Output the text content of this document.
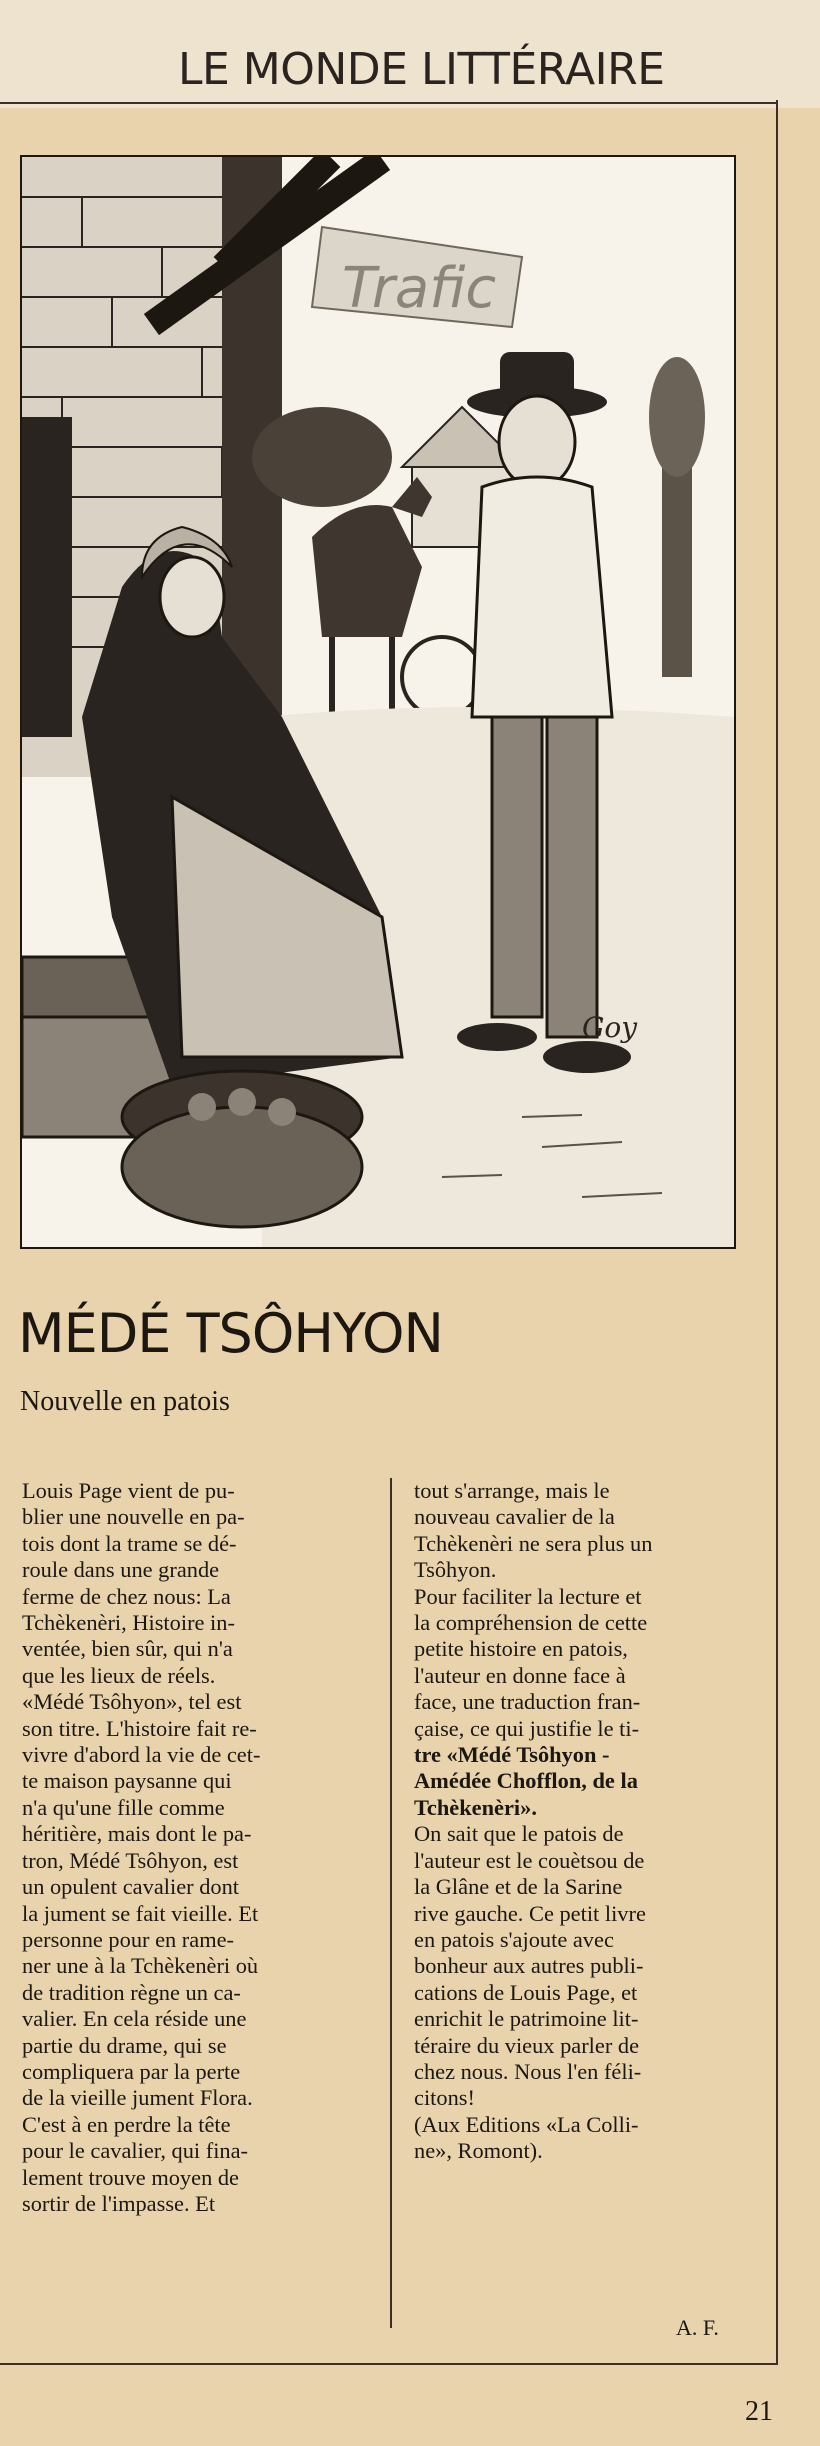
LE MONDE LITTÉRAIRE
Trafic
Goy
MÉDÉ TSÔHYON
Nouvelle en patois
Louis Page vient de pu-
blier une nouvelle en pa-
tois dont la trame se dé-
roule dans une grande
ferme de chez nous: La
Tchèkenèri, Histoire in-
ventée, bien sûr, qui n'a
que les lieux de réels.
«Médé Tsôhyon», tel est
son titre. L'histoire fait re-
vivre d'abord la vie de cet-
te maison paysanne qui
n'a qu'une fille comme
héritière, mais dont le pa-
tron, Médé Tsôhyon, est
un opulent cavalier dont
la jument se fait vieille. Et
personne pour en rame-
ner une à la Tchèkenèri où
de tradition règne un ca-
valier. En cela réside une
partie du drame, qui se
compliquera par la perte
de la vieille jument Flora.
C'est à en perdre la tête
pour le cavalier, qui fina-
lement trouve moyen de
sortir de l'impasse. Et
tout s'arrange, mais le
nouveau cavalier de la
Tchèkenèri ne sera plus un
Tsôhyon.
Pour faciliter la lecture et
la compréhension de cette
petite histoire en patois,
l'auteur en donne face à
face, une traduction fran-
çaise, ce qui justifie le ti-
tre «Médé Tsôhyon -
Amédée Chofflon, de la
Tchèkenèri».
On sait que le patois de
l'auteur est le couètsou de
la Glâne et de la Sarine
rive gauche. Ce petit livre
en patois s'ajoute avec
bonheur aux autres publi-
cations de Louis Page, et
enrichit le patrimoine lit-
téraire du vieux parler de
chez nous. Nous l'en féli-
citons!
(Aux Editions «La Colli-
ne», Romont).
A. F.
21
